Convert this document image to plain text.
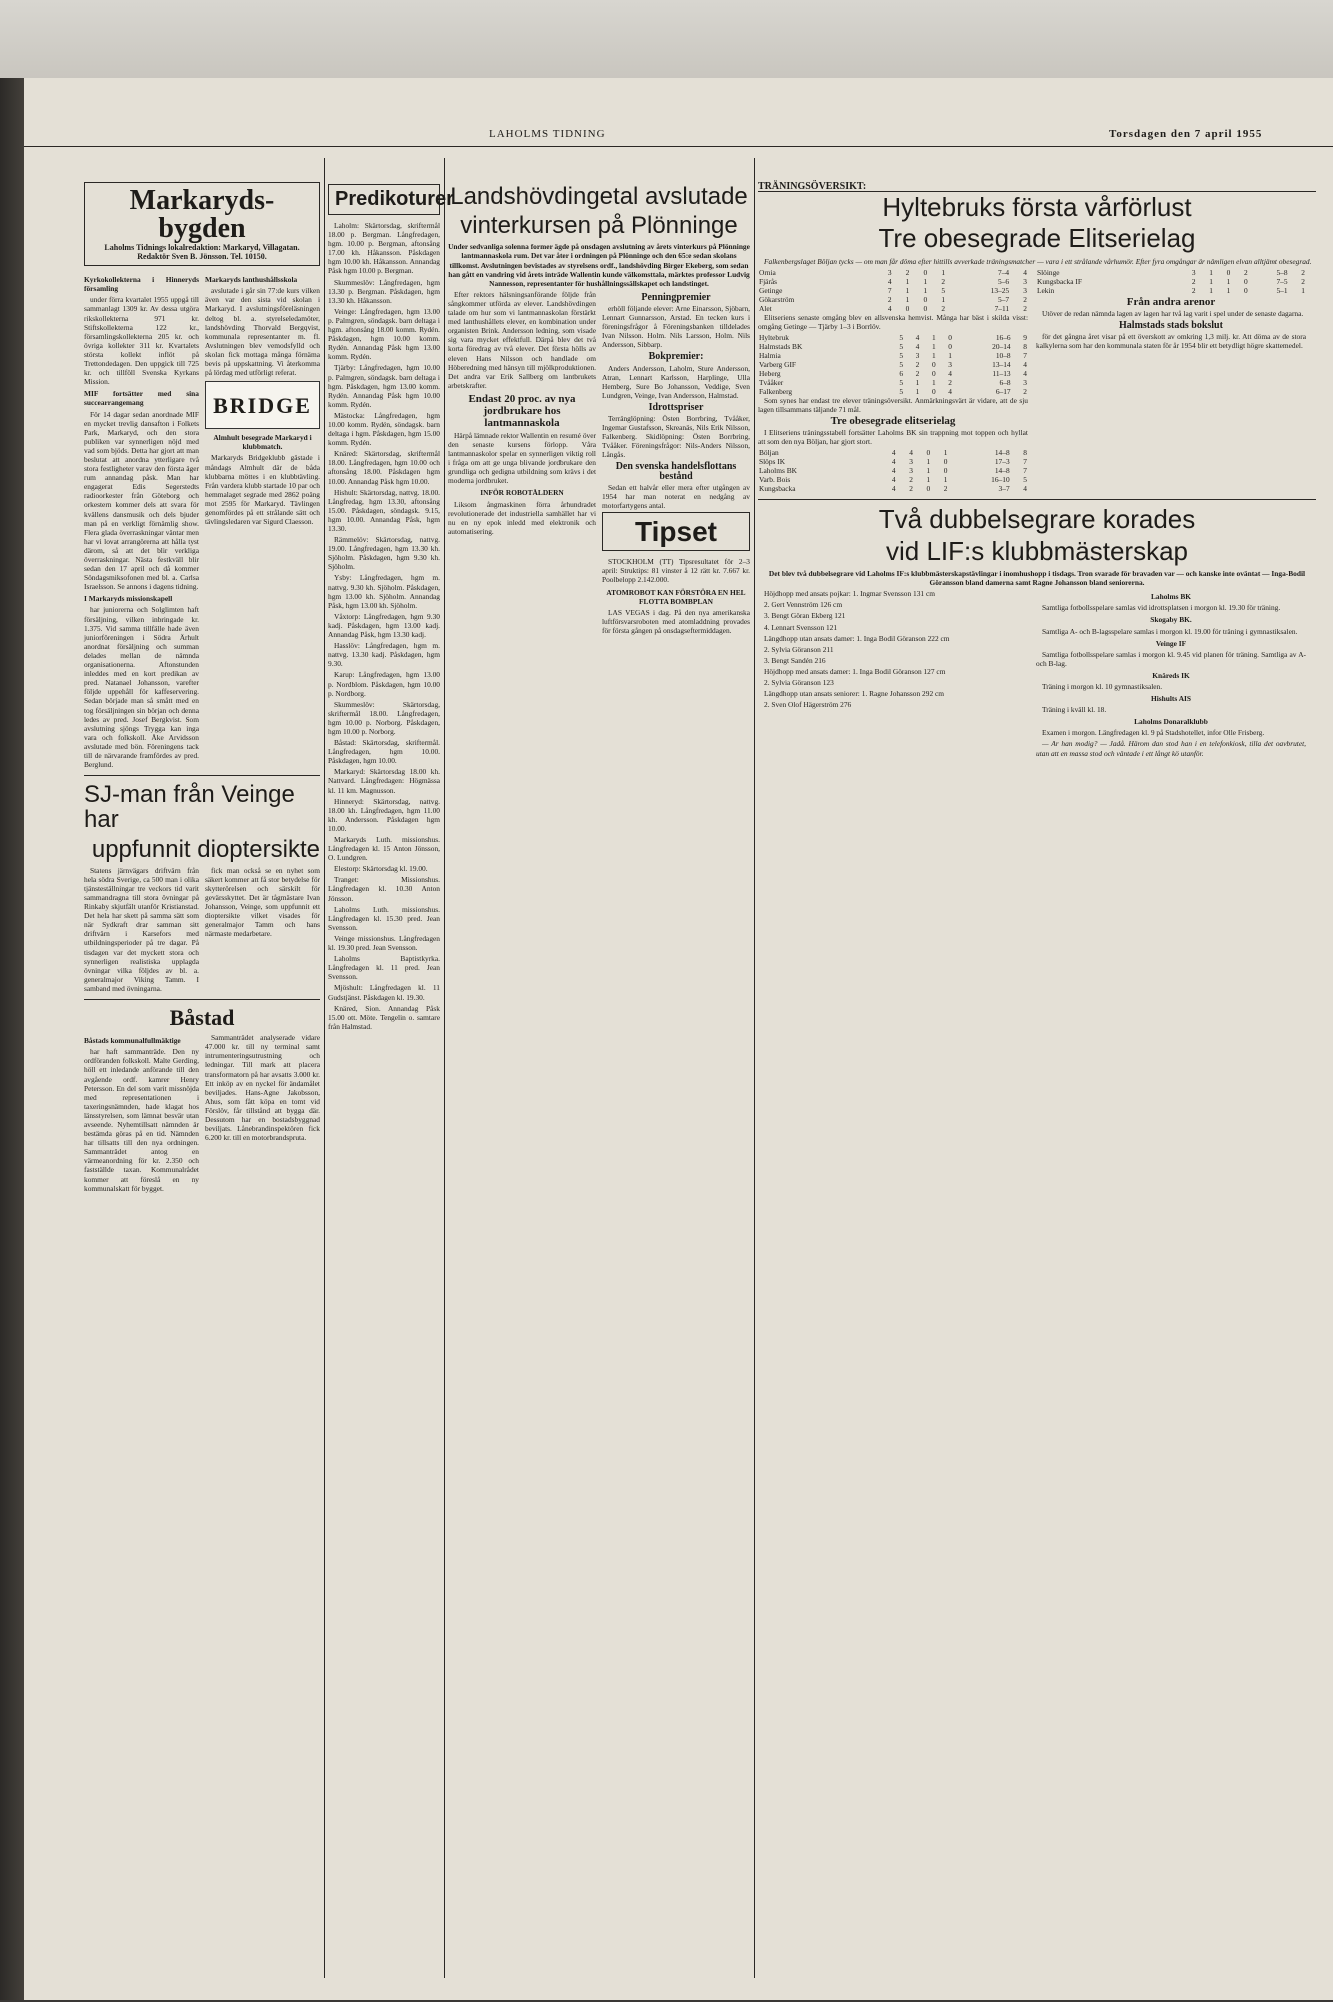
LAHOLMS TIDNING	Torsdagen den 7 april 1955
Markaryds-bygden
Laholms Tidnings lokalredaktion: Markaryd, Villagatan.
Redaktör Sven B. Jönsson. Tel. 10150.

Kyrkokollekterna i Hinneryds församling

under förra kvartalet 1955 uppgå till sammanlagt 1309 kr. Av dessa utgöra rikskollekterna 971 kr. Stiftskollekterna 122 kr., församlingskollekterna 205 kr. och övriga kollekter 311 kr. Kvartalets största kollekt inflöt på Trettondedagen. Den uppgick till 725 kr. och tillföll Svenska Kyrkans Mission.

MIF fortsätter med sina succearrangemang

För 14 dagar sedan anordnade MIF en mycket trevlig dansafton i Folkets Park, Markaryd, och den stora publiken var synnerligen nöjd med vad som bjöds. Detta har gjort att man beslutat att anordna ytterligare två stora festligheter varav den första äger rum annandag påsk. Man har engagerat Edis Segerstedts radioorkester från Göteborg och orkestern kommer dels att svara för kvällens dansmusik och dels bjuder man på en verkligt förnämlig show. Flera glada överraskningar väntar men har vi lovat arrangörerna att hålla tyst därom, så att det blir verkliga överraskningar. Nästa festkväll blir sedan den 17 april och då kommer Söndagsmiksofonen med bl. a. Carlsa Israelsson. Se annons i dagens tidning.

I Markaryds missionskapell

har juniorerna och Solglimten haft försäljning, vilken inbringade kr. 1.375. Vid samma tillfälle hade även juniorföreningen i Södra Ärhult anordnat försäljning och summan delades mellan de nämnda organisationerna. Aftonstunden inleddes med en kort predikan av pred. Natanael Johansson, varefter följde uppehåll för kaffeservering. Sedan började man så smått med en tog försäljningen sin början och denna ledes av pred. Josef Bergkvist. Som avslutning sjöngs Trygga kan inga vara och folkskoll. Åke Arvidsson avslutade med bön. Föreningens tack till de närvarande framfördes av pred. Berglund.

Markaryds lanthushållsskola

avslutade i går sin 77:de kurs vilken även var den sista vid skolan i Markaryd. I avslutningsföreläsningen deltog bl. a. styrelseledamöter, landshövding Thorvald Bergqvist, kommunala representanter m. fl. Avslutningen blev vemodsfylld och skolan fick mottaga många förnäma bevis på uppskattning. Vi återkomma på lördag med utförligt referat.

BRIDGE

Almhult besegrade Markaryd i klubbmatch.

Markaryds Bridgeklubb gästade i måndags Almhult där de båda klubbarna möttes i en klubbtävling. Från vardera klubb startade 10 par och hemmalaget segrade med 2862 poäng mot 2595 för Markaryd. Tävlingen genomfördes på ett strålande sätt och tävlingsledaren var Sigurd Claesson.

SJ-man från Veinge har
uppfunnit dioptersikte

Statens järnvägars driftvärn från hela södra Sverige, ca 500 man i olika tjänsteställningar tre veckors tid varit sammandragna till stora övningar på Rinkaby skjutfält utanför Kristianstad. Det hela har skett på samma sätt som när Sydkraft drar samman sitt driftvärn i Karsefors med utbildningsperioder på tre dagar. På tisdagen var det myckett stora och synnerligen realistiska upplagda övningar vilka följdes av bl. a. generalmajor Viking Tamm. I samband med övningarna.

fick man också se en nyhet som säkert kommer att få stor betydelse för skytterörelsen och särskilt för gevärsskyttet. Det är tågmästare Ivan Johansson, Veinge, som uppfunnit ett dioptersikte vilket visades för generalmajor Tamm och hans närmaste medarbetare.

Båstad

Båstads kommunalfullmäktige

har haft sammanträde. Den ny ordföranden folkskoll. Malte Gerding, höll ett inledande anförande till den avgående ordf. kamrer Henry Petersson. En del som varit missnöjda med representationen i taxeringsnämnden, hade klagat hos länsstyrelsen, som lämnat besvär utan avseende. Nyhemtillsatt nämnden är bestämda göras på en tid. Nämnden har tillsatts till den nya ordningen. Sammanträdet antog en värmeanordning för kr. 2.350 och fastställde taxan. Kommunalrådet kommer att föreslå en ny kommunalskatt för bygget.

Sammanträdet analyserade vidare 47.000 kr. till ny terminal samt intrumenteringsutrustning och ledningar. Till mark att placera transformatorn på har avsatts 3.000 kr. Ett inköp av en nyckel för ändamålet beviljades. Hans-Agne Jakobsson, Ahus, som fått köpa en tomt vid Förslöv, får tillstånd att bygga där. Dessutom har en bostadsbyggnad beviljats. Lånebrandinspektören fick 6.200 kr. till en motorbrandspruta.

Predikoturer

Laholm: Skärtorsdag, skriftermål 18.00 p. Bergman. Långfredagen, hgm. 10.00 p. Bergman, aftonsång 17.00 kh. Håkansson. Påskdagen hgm 10.00 kh. Håkansson. Annandag Påsk hgm 10.00 p. Bergman.

Skummeslöv: Långfredagen, hgm 13.30 p. Bergman. Påskdagen, hgm 13.30 kh. Håkansson.

Veinge: Långfredagen, hgm 13.00 p. Palmgren, söndagsk. barn deltaga i hgm. aftonsång 18.00 komm. Rydén. Påskdagen, hgm 10.00 komm. Rydén. Annandag Påsk hgm 13.00 komm. Rydén.

Tjärby: Långfredagen, hgm 10.00 p. Palmgren, söndagsk. barn deltaga i hgm. Påskdagen, hgm 13.00 komm. Rydén. Annandag Påsk hgm 10.00 komm. Rydén.

Mästocka: Långfredagen, hgm 10.00 komm. Rydén, söndagsk. barn deltaga i hgm. Påskdagen, hgm 15.00 komm. Rydén.

Knäred: Skärtorsdag, skriftermål 18.00. Långfredagen, hgm 10.00 och aftonsång 18.00. Påskdagen hgm 10.00. Annandag Påsk hgm 10.00.

Hishult: Skärtorsdag, nattvg. 18.00. Långfredag, hgm 13.30, aftonsång 15.00. Påskdagen, söndagsk. 9.15, hgm 10.00. Annandag Påsk, hgm 13.30.

Rämmelöv: Skärtorsdag, nattvg. 19.00. Långfredagen, hgm 13.30 kh. Sjöholm. Påskdagen, hgm 9.30 kh. Sjöholm.

Ysby: Långfredagen, hgm m. nattvg. 9.30 kh. Sjöholm. Påskdagen, hgm 13.00 kh. Sjöholm. Annandag Påsk, hgm 13.00 kh. Sjöholm.

Våxtorp: Långfredagen, hgm 9.30 kadj. Påskdagen, hgm 13.00 kadj. Annandag Påsk, hgm 13.30 kadj.

Hasslöv: Långfredagen, hgm m. nattvg. 13.30 kadj. Påskdagen, hgm 9.30.

Karup: Långfredagen, hgm 13.00 p. Nordblom. Påskdagen, hgm 10.00 p. Nordborg.

Skummeslöv: Skärtorsdag, skriftermål 18.00. Långfredagen, hgm 10.00 p. Norborg. Påskdagen, hgm 10.00 p. Norborg.

Båstad: Skärtorsdag, skriftermål. Långfredagen, hgm 10.00. Påskdagen, hgm 10.00.

Markaryd: Skärtorsdag 18.00 kh. Nattvard. Långfredagen: Högmässa kl. 11 km. Magnusson.

Hinneryd: Skärtorsdag, nattvg. 18.00 kh. Långfredagen, hgm 11.00 kh. Andersson. Påskdagen hgm 10.00.

Markaryds Luth. missionshus. Långfredagen kl. 15 Anton Jönsson, O. Lundgren.

Elestorp: Skärtorsdag kl. 19.00.

Tranget: Missionshus. Långfredagen kl. 10.30 Anton Jönsson.

Laholms Luth. missionshus. Långfredagen kl. 15.30 pred. Jean Svensson.

Veinge missionshus. Långfredagen kl. 19.30 pred. Jean Svensson.

Laholms Baptistkyrka. Långfredagen kl. 11 pred. Jean Svensson.

Mjöshult: Långfredagen kl. 11 Gudstjänst. Påskdagen kl. 19.30.

Knäred, Sion. Annandag Påsk 15.00 ott. Möte. Tengelin o. samtare från Halmstad.

Landshövdingetal avslutade
vinterkursen på Plönninge

Under sedvanliga solenna former ägde på onsdagen avslutning av årets vinterkurs på Plönninge lantmannaskola rum. Det var åter i ordningen på Plönninge och den 65:e sedan skolans tillkomst. Avslutningen bevistades av styrelsens ordf., landshövding Birger Ekeberg, som sedan han gått en vandring vid årets inträde Wallentin kunde välkomsttala, märktes professor Ludvig Nannesson, representanter för hushållningssällskapet och landstinget.

Efter rektors hälsningsanförande följde från sångkommer utförda av elever. Landshövdingen talade om hur som vi lantmannaskolan förstärkt med lanthushållets elever, en kombination under organisten Brink. Andersson ledning, som visade sig vara mycket effektfull. Därpå blev det två korta föredrag av två elever. Det första hölls av eleven Hans Nilsson och handlade om Höberedning med hänsyn till mjölkproduktionen. Det andra var Erik Sallberg om lantbrukets arbetskrafter.

Endast 20 proc. av nya jordbrukare hos lantmannaskola

Härpå lämnade rektor Wallentin en resumé över den senaste kursens förlopp. Våra lantmannaskolor spelar en synnerligen viktig roll i fråga om att ge unga blivande jordbrukare den grundliga och gedigna utbildning som krävs i det moderna jordbruket.

INFÖR ROBOTÅLDERN

Liksom ångmaskinen förra århundradet revolutionerade det industriella samhället har vi nu en ny epok inledd med elektronik och automatisering.

Penningpremier

erhöll följande elever: Arne Einarsson, Sjöbarn, Lennart Gunnarsson, Arstad. En tecken kurs i föreningsfrågor å Föreningsbanken tilldelades Ivan Nilsson. Holm. Nils Larsson, Holm. Nils Andersson, Sibbarp.

Bokpremier:

Anders Andersson, Laholm, Sture Andersson, Atran, Lennart Karlsson, Harplinge, Ulla Hemberg, Sure Bo Johansson, Veddige, Sven Lundgren, Veinge, Ivan Andersson, Halmstad.

Idrottspriser

Terränglöpning: Östen Borrbring, Tvååker, Ingemar Gustafsson, Skreanäs, Nils Erik Nilsson, Falkenberg. Skidlöpning: Östen Borrbring, Tvååker. Föreningsfrågor: Nils-Anders Nilsson, Långås.

Den svenska handelsflottans bestånd

Sedan ett halvår eller mera efter utgången av 1954 har man noterat en nedgång av motorfartygens antal.

Tipset

STOCKHOLM (TT) Tipsresultatet för 2–3 april: Struktips: 81 vinster å 12 rätt kr. 7.667 kr. Poolbelopp 2.142.000.

ATOMROBOT KAN FÖRSTÖRA EN HEL FLOTTA BOMBPLAN

LAS VEGAS i dag. På den nya amerikanska luftförsvarsroboten med atomladdning provades för första gången på onsdagseftermiddagen.

TRÄNINGSÖVERSIKT:
Hyltebruks första vårförlust
Tre obesegrade Elitserielag

Falkenbergslaget Böljan tycks — om man får döma efter hittills avverkade träningsmatcher — vara i ett strålande vårhumör. Efter fyra omgångar är nämligen elvan alltjämt obesegrad.

Ornia	3	2	0	1	7–4	4
Fjärås	4	1	1	2	5–6	3
Getinge	7	1	1	5	13–25	3
Gökarström	2	1	0	1	5–7	2
Alet	4	0	0	2	7–11	2

Elitseriens senaste omgång blev en allsvenska hemvist. Många har bäst i skilda visst: omgång Getinge — Tjärby 1–3 i Borrlöv.

Hyltebruk	5	4	1	0	16–6	9
Halmstads BK	5	4	1	0	20–14	8
Halmia	5	3	1	1	10–8	7
Varberg GIF	5	2	0	3	13–14	4
Heberg	6	2	0	4	11–13	4
Tvååker	5	1	1	2	6–8	3
Falkenberg	5	1	0	4	6–17	2

Som synes har endast tre elever träningsöversikt. Anmärkningsvärt är vidare, att de sju lagen tillsammans täljande 71 mål.

Tre obesegrade elitserielag

I Elitseriens träningsstabell fortsätter Laholms BK sin trappning mot toppen och hyllat att som den nya Böljan, har gjort stort.

Böljan	4	4	0	1	14–8	8
Slöps IK	4	3	1	0	17–3	7
Laholms BK	4	3	1	0	14–8	7
Varb. Bois	4	2	1	1	16–10	5
Kungsbacka	4	2	0	2	3–7	4
Slöinge	3	1	0	2	5–8	2
Kungsbacka IF	2	1	1	0	7–5	2
Lekin	2	1	1	0	5–1	1

Från andra arenor

Utöver de redan nämnda lagen av lagen har två lag varit i spel under de senaste dagarna.

Halmstads stads bokslut

för det gångna året visar på ett överskott av omkring 1,3 milj. kr. Att döma av de stora kalkylerna som har den kommunala staten för år 1954 blir ett betydligt högre skattemedel.

Två dubbelsegrare korades
vid LIF:s klubbmästerskap

Det blev två dubbelsegrare vid Laholms IF:s klubbmästerskapstävlingar i inomhushopp i tisdags. Tron svarade för bravaden var — och kanske inte oväntat — Inga-Bodil Göransson bland damerna samt Ragne Johansson bland seniorerna.

Höjdhopp med ansats pojkar: 1. Ingmar Svensson 131 cm

2. Gert Vennström 126 cm

3. Bengt Göran Ekberg 121

4. Lennart Svensson 121

Längdhopp utan ansats damer: 1. Inga Bodil Göranson 222 cm

2. Sylvia Göranson 211

3. Bengt Sandén 216

Höjdhopp med ansats damer: 1. Inga Bodil Göranson 127 cm

2. Sylvia Göranson 123

Längdhopp utan ansats seniorer: 1. Ragne Johansson 292 cm

2. Sven Olof Hägerström 276

Laholms BK

Samtliga fotbollsspelare samlas vid idrottsplatsen i morgon kl. 19.30 för träning.

Skogaby BK.

Samtliga A- och B-lagsspelare samlas i morgon kl. 19.00 för träning i gymnastiksalen.

Veinge IF

Samtliga fotbollsspelare samlas i morgon kl. 9.45 vid planen för träning. Samtliga av A- och B-lag.

Knäreds IK

Träning i morgon kl. 10 gymnastiksalen.

Hishults AIS

Träning i kväll kl. 18.

Laholms Donaralklubb

Examen i morgon. Längfredagen kl. 9 på Stadshotellet, infor Olle Frisberg.

— Ar han modig? — Jadå. Härom dan stod han i en telefonkiosk, tilla det oavbrutet, utan att en massa stod och väntade i ett långt kö utanför.
